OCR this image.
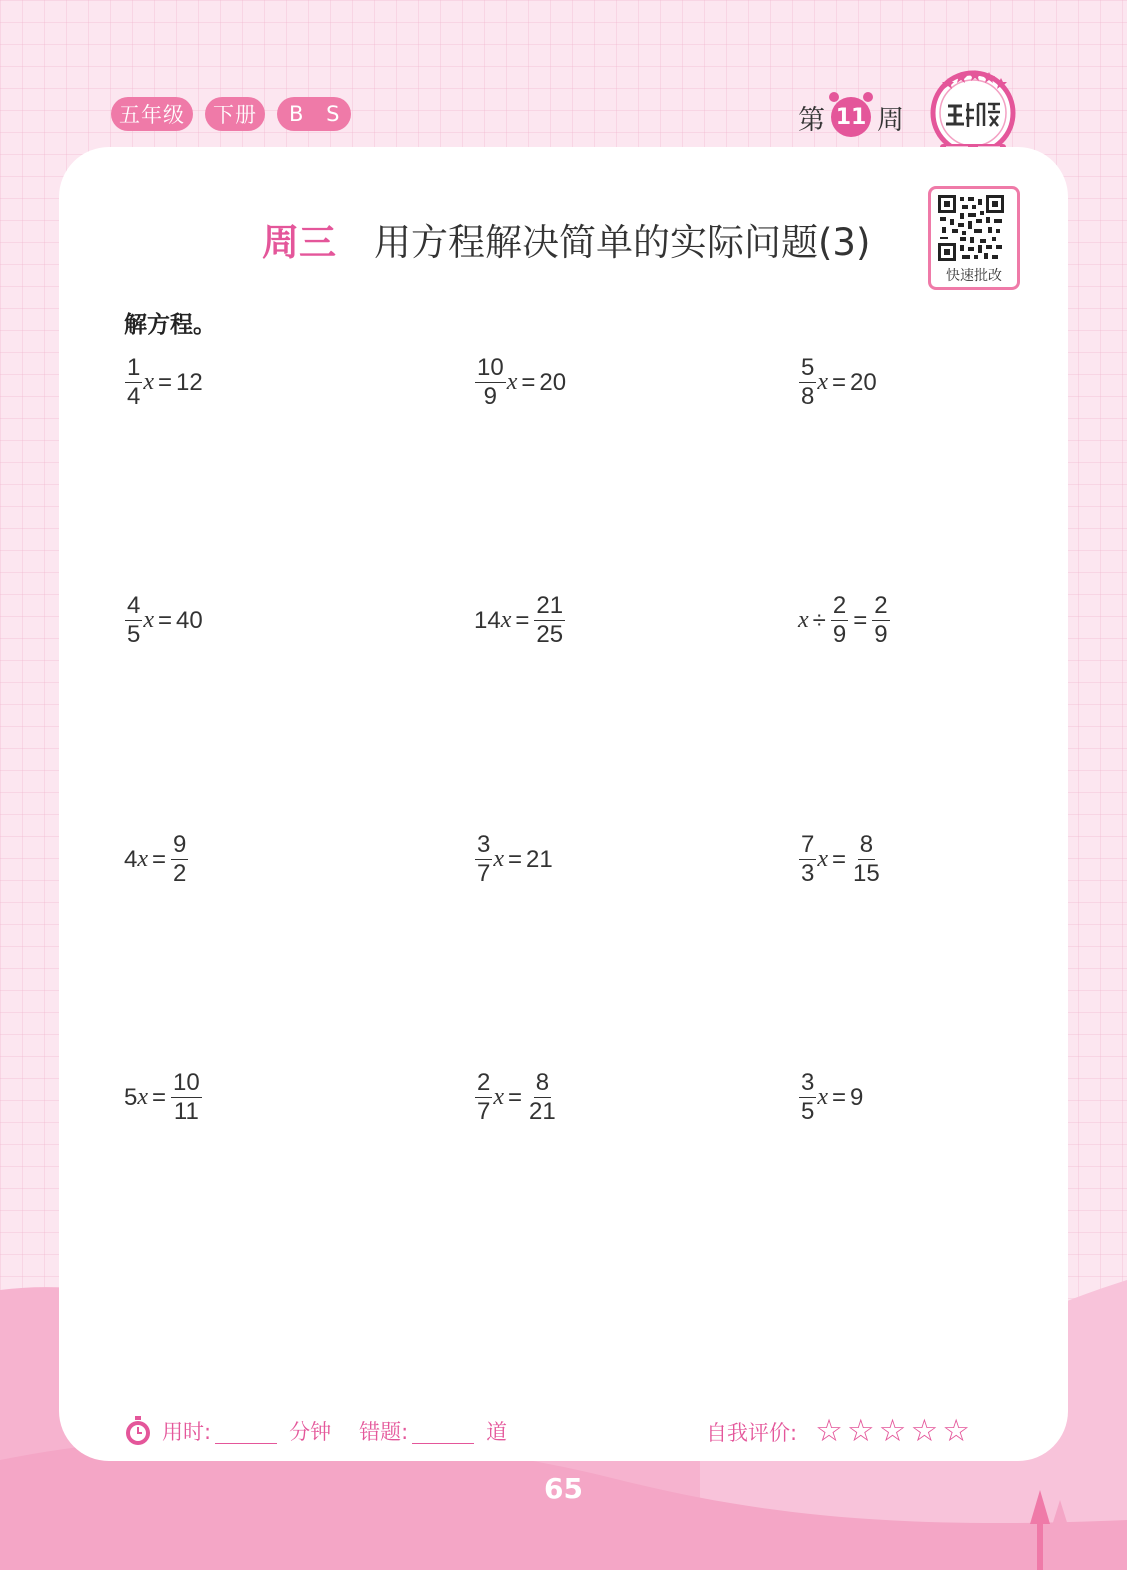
五年级	下册	B S	第 11 周
周三 用方程解决简单的实际问题(3)
快速批改
解方程。
$\frac{1}{4}$ x = 12	$\frac{10}{9}$ x = 20	$\frac{5}{8}$ x = 20
$\frac{4}{5}$ x = 40	14 $x = \frac{21}{25}$	$x \div \frac{2}{9} = \frac{2}{9}$
4 $x = \frac{9}{2}$	$\frac{3}{7}$ x = 21	$\frac{7}{3}$ $x = \frac{8}{15}$
5 $x = \frac{10}{11}$	$\frac{2}{7}$ $x = \frac{8}{21}$	$\frac{3}{5}$ x = 9
用时:	分钟 错题:	道	自我评价: ☆ ☆ ☆ ☆ ☆
65
